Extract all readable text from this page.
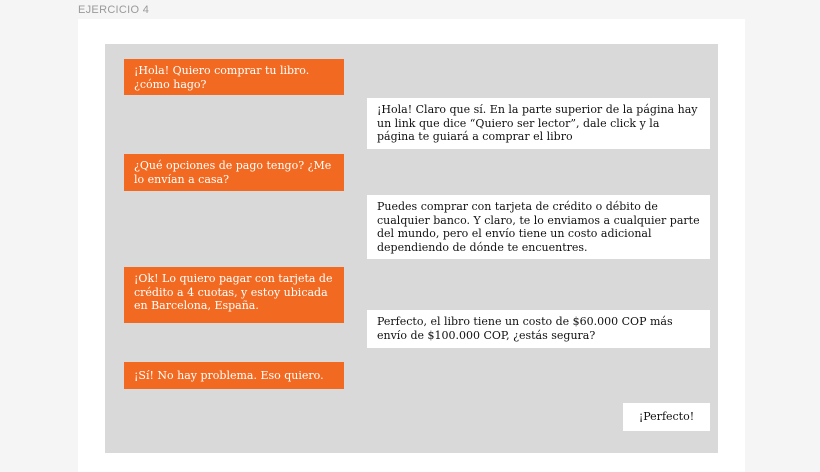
EJERCICIO 4
¡Hola! Quiero comprar tu libro. ¿cómo hago?
¡Hola! Claro que sí. En la parte superior de la página hay un link que dice “Quiero ser lector”, dale click y la página te guiará a comprar el libro
¿Qué opciones de pago tengo? ¿Me lo envían a casa?
Puedes comprar con tarjeta de crédito o débito de cualquier banco. Y claro, te lo enviamos a cualquier parte del mundo, pero el envío tiene un costo adicional dependiendo de dónde te encuentres.
¡Ok! Lo quiero pagar con tarjeta de crédito a 4 cuotas, y estoy ubicada en Barcelona, España.
Perfecto, el libro tiene un costo de $60.000 COP más envío de $100.000 COP, ¿estás segura?
¡Sí! No hay problema. Eso quiero.
¡Perfecto!
